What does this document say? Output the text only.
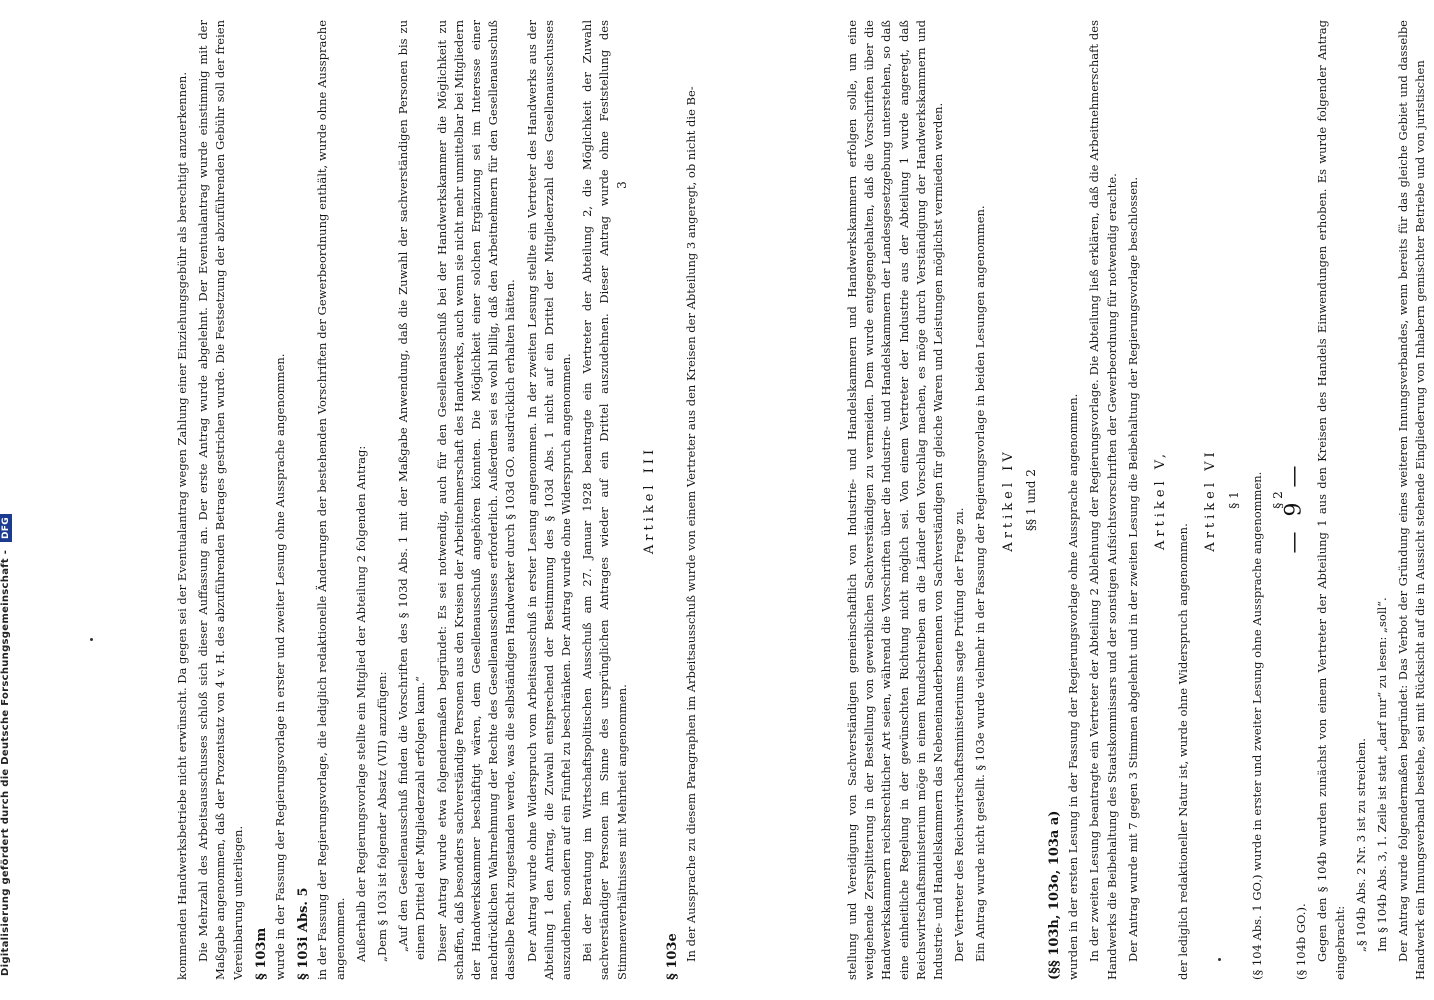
— 9 —

kommenden Handwerksbetriebe nicht erwünscht. Da gegen sei der Eventualantrag wegen Zahlung einer Einziehungsgebühr als berechtigt anzuerkennen. Die Mehrzahl des Arbeitsausschusses schloß sich dieser Auffassung an. Der erste Antrag wurde abgelehnt. Der Eventualantrag wurde einstimmig mit der Maßgabe angenommen, daß der Prozentsatz von 4 v. H. des abzuführenden Betrages gestrichen wurde. Die Festsetzung der abzuführenden Gebühr soll der freien Vereinbarung unterliegen. § 103m wurde in der Fassung der Regierungsvorlage in erster und zweiter Lesung ohne Aussprache angenommen. § 103i Abs. 5 in der Fassung der Regierungsvorlage, die lediglich redaktionelle Änderungen der bestehenden Vorschriften der Gewerbeordnung enthält, wurde ohne Aussprache angenommen. Außerhalb der Regierungsvorlage stellte ein Mitglied der Abteilung 2 folgenden Antrag: „Dem § 103i ist folgender Absatz (VII) anzufügen: „Auf den Gesellenausschuß finden die Vorschriften des § 103d Abs. 1 mit der Maßgabe Anwendung, daß die Zuwahl der sachverständigen Personen bis zu einem Drittel der Mitgliederzahl erfolgen kann.“ Dieser Antrag wurde etwa folgendermaßen begründet: Es sei notwendig, auch für den Gesellenausschuß bei der Handwerkskammer die Möglichkeit zu schaffen, daß besonders sachverständige Personen aus den Kreisen der Arbeitnehmerschaft des Handwerks, auch wenn sie nicht mehr unmittelbar bei Mitgliedern der Handwerkskammer beschäftigt wären, dem Gesellenausschuß angehören könnten. Die Möglichkeit einer solchen Ergänzung sei im Interesse einer nachdrücklichen Wahrnehmung der Rechte des Gesellenausschusses erforderlich. Außerdem sei es wohl billig, daß den Arbeitnehmern für den Gesellenausschuß dasselbe Recht zugestanden werde, was die selbständigen Handwerker durch § 103d GO. ausdrücklich erhalten hätten. Der Antrag wurde ohne Widerspruch vom Arbeitsausschuß in erster Lesung angenommen. In der zweiten Lesung stellte ein Vertreter des Handwerks aus der Abteilung 1 den Antrag, die Zuwahl entsprechend der Bestimmung des § 103d Abs. 1 nicht auf ein Drittel der Mitgliederzahl des Gesellenausschusses auszudehnen, sondern auf ein Fünftel zu beschränken. Der Antrag wurde ohne Widerspruch angenommen. Bei der Beratung im Wirtschaftspolitischen Ausschuß am 27. Januar 1928 beantragte ein Vertreter der Abteilung 2, die Möglichkeit der Zuwahl sachverständiger Personen im Sinne des ursprünglichen Antrages wieder auf ein Drittel auszudehnen. Dieser Antrag wurde ohne Feststellung des Stimmenverhältnisses mit Mehrheit angenommen.

Artikel III

§ 103e In der Aussprache zu diesem Paragraphen im Arbeitsausschuß wurde von einem Vertreter aus den Kreisen der Abteilung 3 angeregt, ob nicht die Be-	stellung und Vereidigung von Sachverständigen gemeinschaftlich von Industrie- und Handelskammern und Handwerkskammern erfolgen solle, um eine weitgehende Zersplitterung in der Bestellung von gewerblichen Sachverständigen zu vermeiden. Dem wurde entgegengehalten, daß die Vorschriften über die Handwerkskammern reichsrechtlicher Art seien, während die Vorschriften über die Industrie- und Handelskammern der Landesgesetzgebung unterstehen, so daß eine einheitliche Regelung in der gewünschten Richtung nicht möglich sei. Von einem Vertreter der Industrie aus der Abteilung 1 wurde angeregt, daß Reichswirtschaftsministerium möge in einem Rundschreiben an die Länder den Vorschlag machen, es möge durch Verständigung der Handwerkskammern und Industrie- und Handelskammern das Nebeneinanderbenennen von Sachverständigen für gleiche Waren und Leistungen möglichst vermieden werden. Der Vertreter des Reichswirtschaftsministeriums sagte Prüfung der Frage zu. Ein Antrag wurde nicht gestellt. § 103e wurde vielmehr in der Fassung der Regierungsvorlage in beiden Lesungen angenommen. Artikel IV §§ 1 und 2

(§§ 103h, 103o, 103a a) wurden in der ersten Lesung in der Fassung der Regierungsvorlage ohne Aussprache angenommen. In der zweiten Lesung beantragte ein Vertreter der Abteilung 2 Ablehnung der Regierungsvorlage. Die Abteilung ließ erklären, daß die Arbeitnehmerschaft des Handwerks die Beibehaltung des Staatskommissars und der sonstigen Aufsichtsvorschriften der Gewerbeordnung für notwendig erachte. Der Antrag wurde mit 7 gegen 3 Stimmen abgelehnt und in der zweiten Lesung die Beibehaltung der Regierungsvorlage beschlossen. Artikel V,

der lediglich redaktioneller Natur ist, wurde ohne Widerspruch angenommen.

Artikel VI § 1 (§ 104 Abs. 1 GO.) wurde in erster und zweiter Lesung ohne Aussprache angenommen. § 2

(§ 104b GO.). Gegen den § 104b wurden zunächst von einem Vertreter der Abteilung 1 aus den Kreisen des Handels Einwendungen erhoben. Es wurde folgender Antrag eingebracht: „§ 104b Abs. 2 Nr. 3 ist zu streichen. Im § 104b Abs. 3, 1. Zeile ist statt „darf nur“ zu lesen: „soll“. Der Antrag wurde folgendermaßen begründet: Das Verbot der Gründung eines weiteren Innungsverbandes, wenn bereits für das gleiche Gebiet und dasselbe Handwerk ein Innungsverband bestehe, sei mit Rücksicht auf die in Aussicht stehende Eingliederung von Inhabern gemischter Betriebe und von juristischen

3
Digitalisierung gefördert durch die Deutsche Forschungsgemeinschaft - DFG
